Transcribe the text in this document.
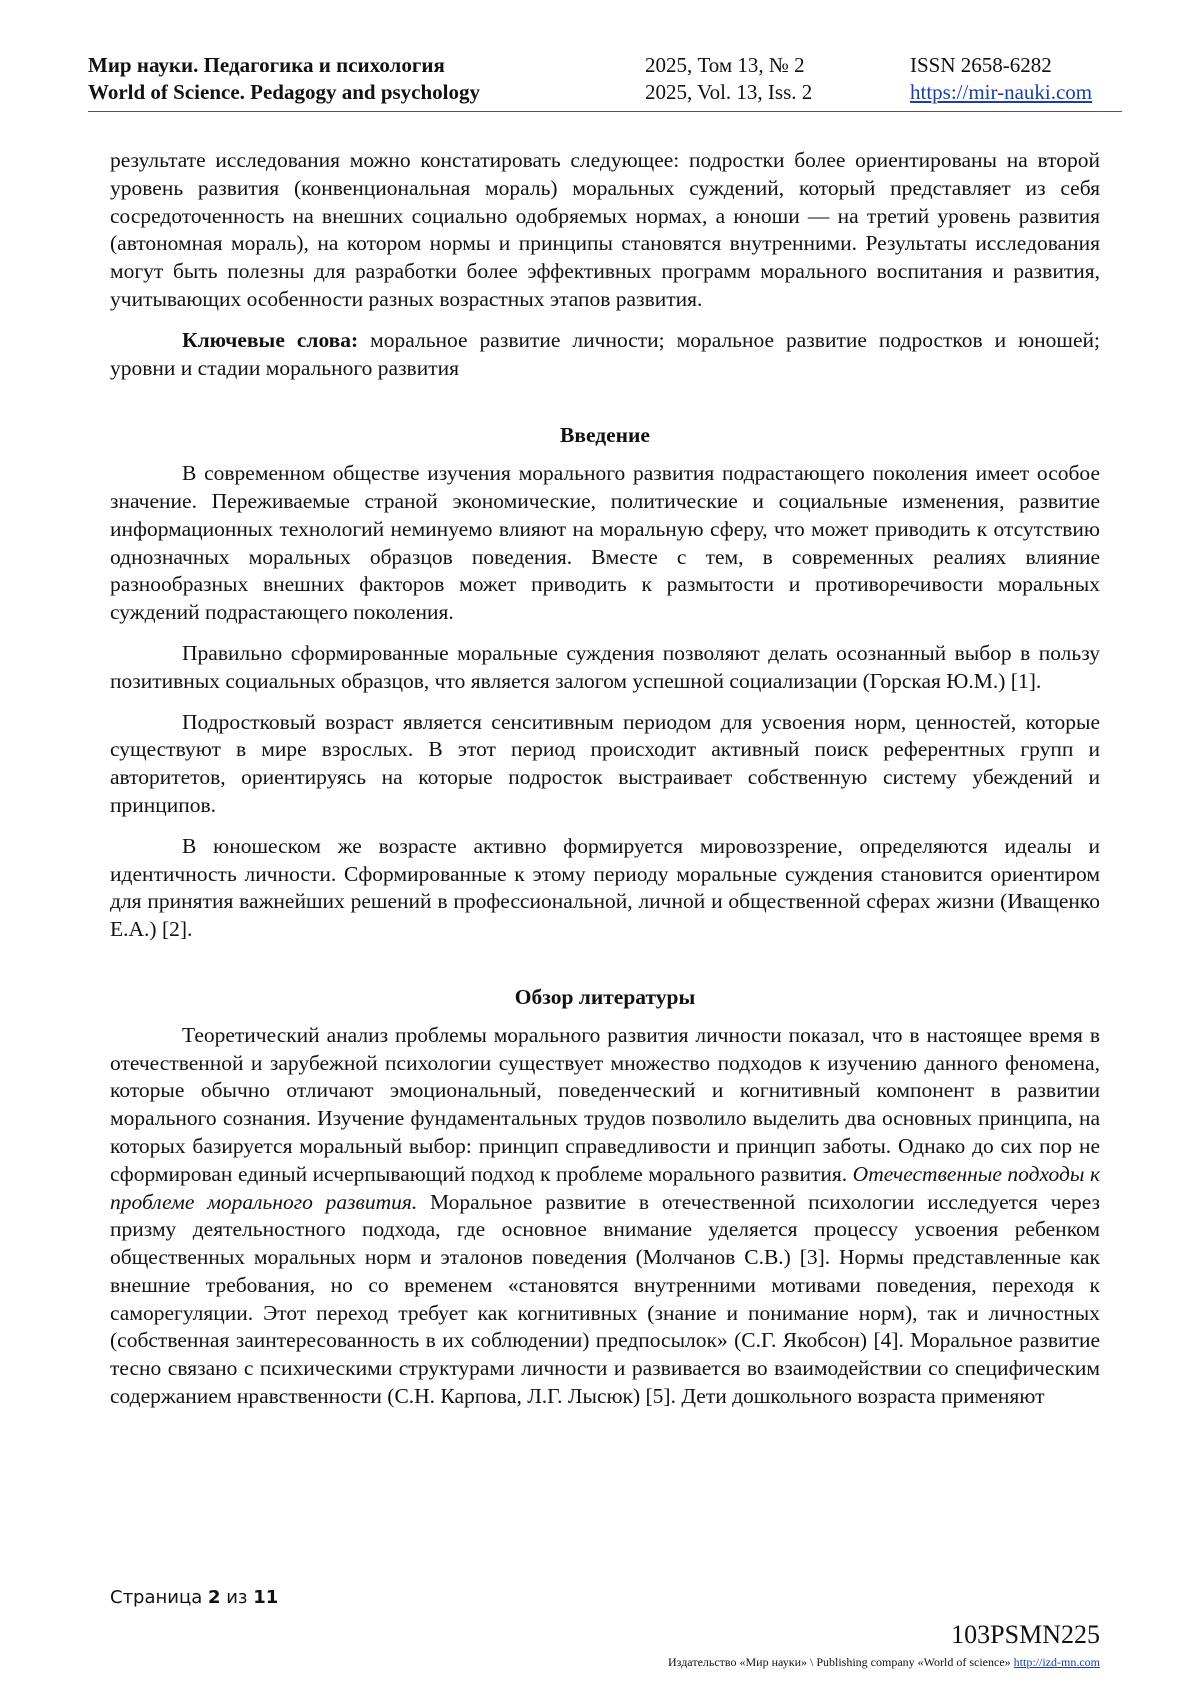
Мир науки. Педагогика и психология
World of Science. Pedagogy and psychology
2025, Том 13, № 2
2025, Vol. 13, Iss. 2
ISSN 2658-6282
https://mir-nauki.com

результате исследования можно констатировать следующее: подростки более ориентированы на второй уровень развития (конвенциональная мораль) моральных суждений, который представляет из себя сосредоточенность на внешних социально одобряемых нормах, а юноши — на третий уровень развития (автономная мораль), на котором нормы и принципы становятся внутренними. Результаты исследования могут быть полезны для разработки более эффективных программ морального воспитания и развития, учитывающих особенности разных возрастных этапов развития.

Ключевые слова: моральное развитие личности; моральное развитие подростков и юношей; уровни и стадии морального развития

Введение

В современном обществе изучения морального развития подрастающего поколения имеет особое значение. Переживаемые страной экономические, политические и социальные изменения, развитие информационных технологий неминуемо влияют на моральную сферу, что может приводить к отсутствию однозначных моральных образцов поведения. Вместе с тем, в современных реалиях влияние разнообразных внешних факторов может приводить к размытости и противоречивости моральных суждений подрастающего поколения.

Правильно сформированные моральные суждения позволяют делать осознанный выбор в пользу позитивных социальных образцов, что является залогом успешной социализации (Горская Ю.М.) [1].

Подростковый возраст является сенситивным периодом для усвоения норм, ценностей, которые существуют в мире взрослых. В этот период происходит активный поиск референтных групп и авторитетов, ориентируясь на которые подросток выстраивает собственную систему убеждений и принципов.

В юношеском же возрасте активно формируется мировоззрение, определяются идеалы и идентичность личности. Сформированные к этому периоду моральные суждения становится ориентиром для принятия важнейших решений в профессиональной, личной и общественной сферах жизни (Иващенко Е.А.) [2].

Обзор литературы

Теоретический анализ проблемы морального развития личности показал, что в настоящее время в отечественной и зарубежной психологии существует множество подходов к изучению данного феномена, которые обычно отличают эмоциональный, поведенческий и когнитивный компонент в развитии морального сознания. Изучение фундаментальных трудов позволило выделить два основных принципа, на которых базируется моральный выбор: принцип справедливости и принцип заботы. Однако до сих пор не сформирован единый исчерпывающий подход к проблеме морального развития. Отечественные подходы к проблеме морального развития. Моральное развитие в отечественной психологии исследуется через призму деятельностного подхода, где основное внимание уделяется процессу усвоения ребенком общественных моральных норм и эталонов поведения (Молчанов С.В.) [3]. Нормы представленные как внешние требования, но со временем «становятся внутренними мотивами поведения, переходя к саморегуляции. Этот переход требует как когнитивных (знание и понимание норм), так и личностных (собственная заинтересованность в их соблюдении) предпосылок» (С.Г. Якобсон) [4]. Моральное развитие тесно связано с психическими структурами личности и развивается во взаимодействии со специфическим содержанием нравственности (С.Н. Карпова, Л.Г. Лысюк) [5]. Дети дошкольного возраста применяют

Страница 2 из 11
103PSMN225
Издательство «Мир науки» \ Publishing company «World of science» http://izd-mn.com
